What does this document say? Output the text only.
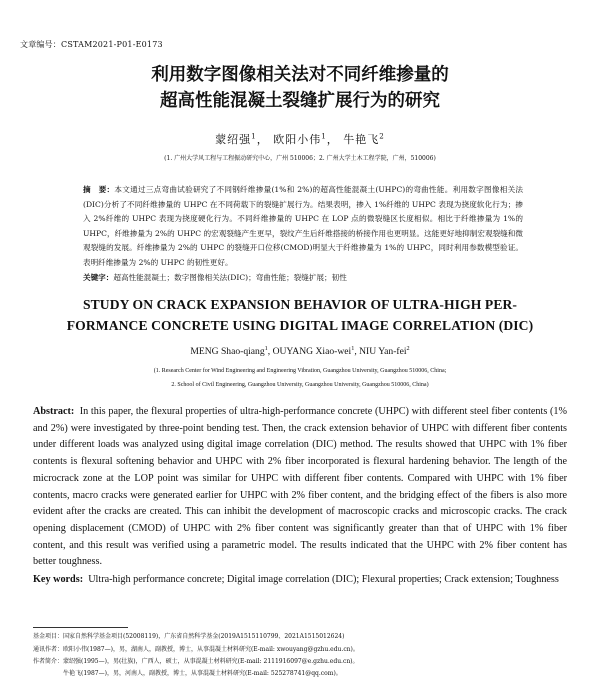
文章编号：CSTAM2021-P01-E0173
利用数字图像相关法对不同纤维掺量的
超高性能混凝土裂缝扩展行为的研究
蒙绍强$^1$， 欧阳小伟$^1$， 牛艳飞$^2$
(1. 广州大学风工程与工程振动研究中心，广州 510006；2. 广州大学土木工程学院，广州，510006)
摘　要：本文通过三点弯曲试验研究了不同钢纤维掺量(1%和 2%)的超高性能混凝土(UHPC)的弯曲性能。利用数字图像相关法(DIC)分析了不同纤维掺量的 UHPC 在不同荷载下的裂缝扩展行为。结果表明，掺入 1%纤维的 UHPC 表现为挠度软化行为；掺入 2%纤维的 UHPC 表现为挠度硬化行为。不同纤维掺量的 UHPC 在 LOP 点的微裂缝区长度相似。相比于纤维掺量为 1%的 UHPC，纤维掺量为 2%的 UHPC 的宏观裂缝产生更早，裂纹产生后纤维搭接的桥接作用也更明显。这能更好地抑制宏观裂缝和微观裂缝的发展。纤维掺量为 2%的 UHPC 的裂缝开口位移(CMOD)明显大于纤维掺量为 1%的 UHPC，同时利用参数模型验证。表明纤维掺量为 2%的 UHPC 的韧性更好。
关键字：超高性能混凝土；数字图像相关法(DIC)；弯曲性能；裂缝扩展；韧性
STUDY ON CRACK EXPANSION BEHAVIOR OF ULTRA-HIGH PER-
FORMANCE CONCRETE USING DIGITAL IMAGE CORRELATION (DIC)
MENG Shao-qiang$^1$, OUYANG Xiao-wei$^1$, NIU Yan-fei$^2$
(1. Research Center for Wind Engineering and Engineering Vibration, Guangzhou University, Guangzhou 510006, China;
2. School of Civil Engineering, Guangzhou University, Guangzhou University, Guangzhou 510006, China)
Abstract: In this paper, the flexural properties of ultra-high-performance concrete (UHPC) with different steel fiber contents (1% and 2%) were investigated by three-point bending test. Then, the crack extension behavior of UHPC with different fiber contents under different loads was analyzed using digital image correlation (DIC) method. The results showed that UHPC with 1% fiber contents is flexural softening behavior and UHPC with 2% fiber incorporated is flexural hardening behavior. The length of the microcrack zone at the LOP point was similar for UHPC with different fiber contents. Compared with UHPC with 1% fiber contents, macro cracks were generated earlier for UHPC with 2% fiber content, and the bridging effect of the fibers is also more evident after the cracks are created. This can inhibit the development of macroscopic cracks and microscopic cracks. The crack opening displacement (CMOD) of UHPC with 2% fiber content was significantly greater than that of UHPC with 1% fiber content, and this result was verified using a parametric model. The results indicated that the UHPC with 2% fiber content has better toughness.
Key words: Ultra-high performance concrete; Digital image correlation (DIC); Flexural properties; Crack extension; Toughness
基金项目：国家自然科学基金项目(52008119)，广东省自然科学基金(2019A1515110799、2021A1515012624)
通讯作者：欧阳小伟(1987—)，男，湖南人，副教授，博士，从事混凝土材料研究(E-mail: xwouyang@gzhu.edu.cn)。
作者简介：蒙绍强(1995—)，男(壮族)，广西人，硕士，从事混凝土材料研究(E-mail: 2111916097@e.gzhu.edu.cn)。
　　　　　牛艳飞(1987—)，男，河南人，副教授，博士，从事混凝土材料研究(E-mail: 525278741@qq.com)。
